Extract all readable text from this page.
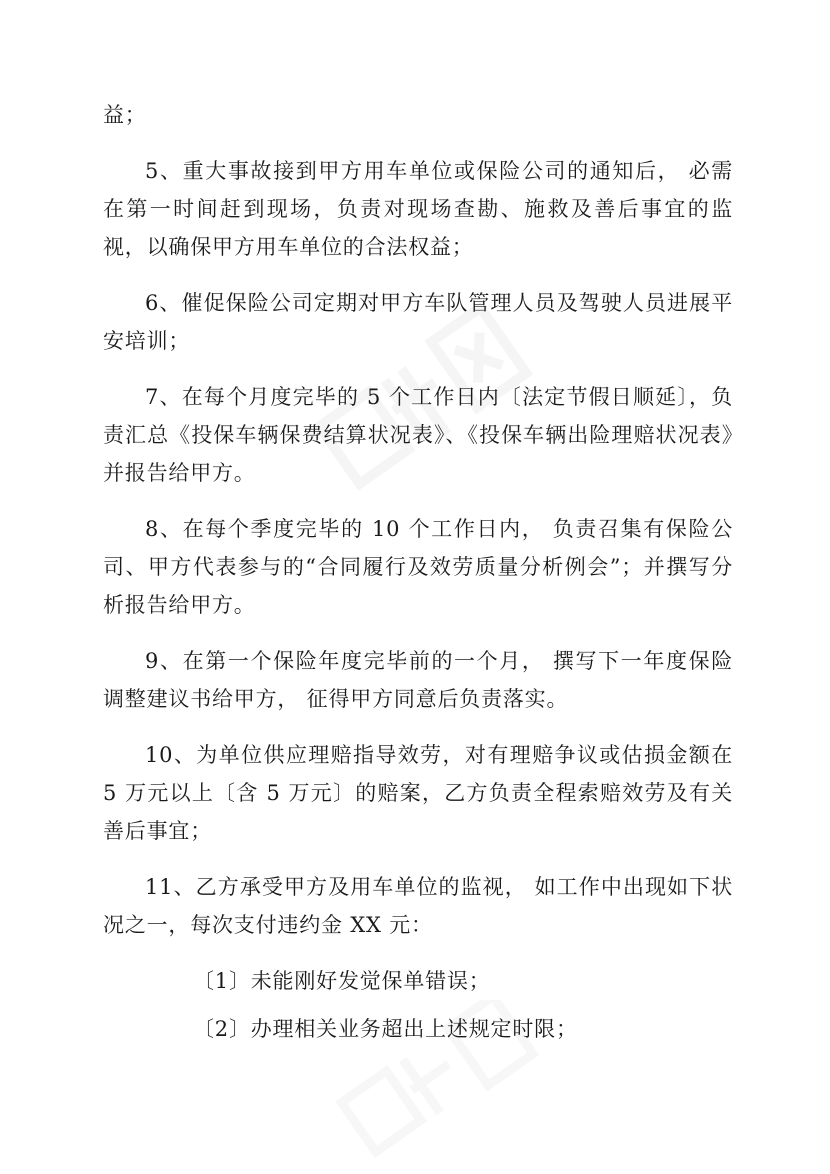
益；

5、重大事故接到甲方用车单位或保险公司的通知后， 必需在第一时间赶到现场，负责对现场查勘、施救及善后事宜的监视，以确保甲方用车单位的合法权益；

6、催促保险公司定期对甲方车队管理人员及驾驶人员进展平安培训；

7、在每个月度完毕的 5 个工作日内〔法定节假日顺延〕，负责汇总《投保车辆保费结算状况表》、《投保车辆出险理赔状况表》并报告给甲方。

8、在每个季度完毕的 10 个工作日内， 负责召集有保险公司、甲方代表参与的“合同履行及效劳质量分析例会”；并撰写分析报告给甲方。

9、在第一个保险年度完毕前的一个月， 撰写下一年度保险调整建议书给甲方， 征得甲方同意后负责落实。

10、为单位供应理赔指导效劳，对有理赔争议或估损金额在 5 万元以上〔含 5 万元〕的赔案，乙方负责全程索赔效劳及有关善后事宜；

11、乙方承受甲方及用车单位的监视， 如工作中出现如下状况之一，每次支付违约金 XX 元：

〔1〕未能刚好发觉保单错误；

〔2〕办理相关业务超出上述规定时限；
